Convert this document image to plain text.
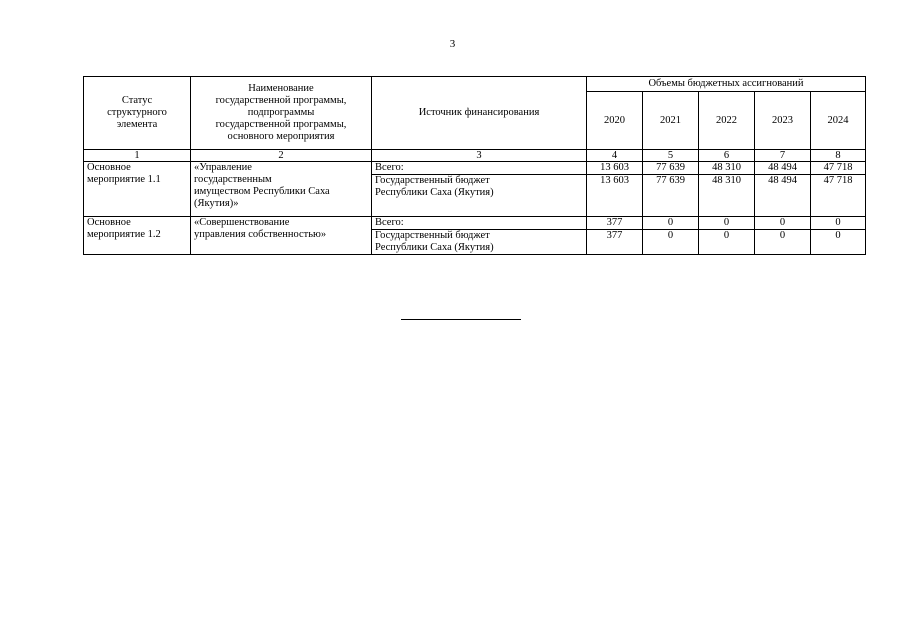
3
Статус
структурного
элемента	Наименование
государственной программы,
подпрограммы
государственной программы,
основного мероприятия	Источник финансирования	Объемы бюджетных ассигнований				
			2020	2021	2022	2023	2024
1	2	3	4	5	6	7	8

Основное
мероприятие 1.1	«Управление
государственным
имуществом Республики Саха
(Якутия)»	Всего:	13 603	77 639	48 310	48 494	47 718

		Государственный бюджет
Республики Саха (Якутия)	13 603	77 639	48 310	48 494	47 718

Основное
мероприятие 1.2	«Совершенствование
управления собственностью»	Всего:	377	0	0	0	0

		Государственный бюджет
Республики Саха (Якутия)	377	0	0	0	0
